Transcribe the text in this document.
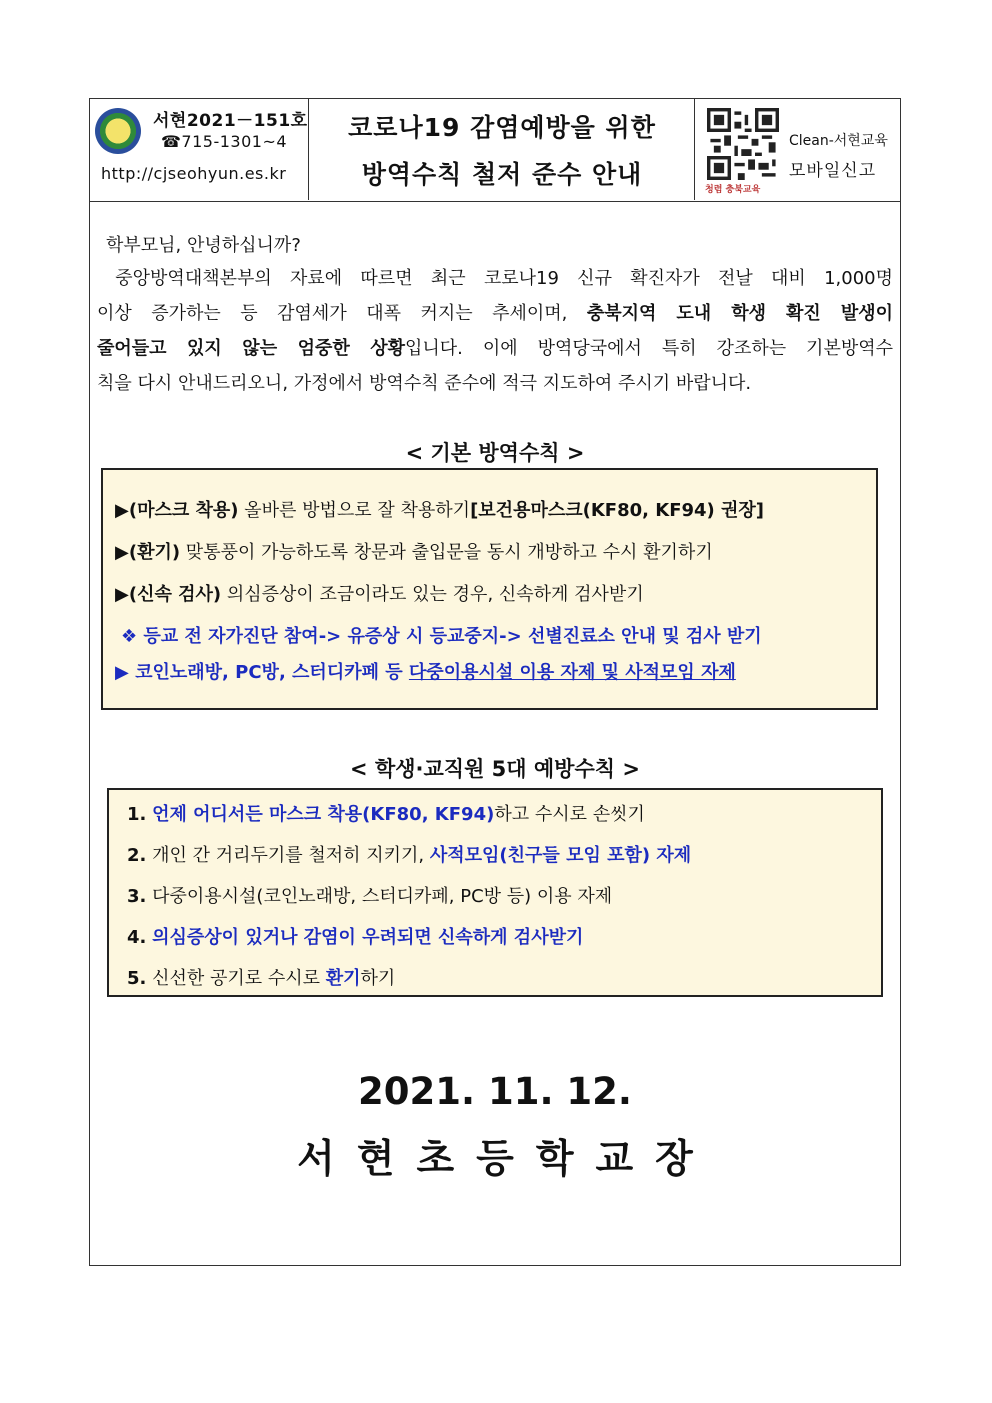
서현2021－151호
☎715-1301~4
http://cjseohyun.es.kr
코로나19 감염예방을 위한
방역수칙 철저 준수 안내
청렴 충북교육
Clean-서현교육
모바일신고
학부모님, 안녕하십니까?
중앙방역대책본부의 자료에 따르면 최근 코로나19 신규 확진자가 전날 대비 1,000명
이상 증가하는 등 감염세가 대폭 커지는 추세이며, 충북지역 도내 학생 확진 발생이
줄어들고 있지 않는 엄중한 상황입니다. 이에 방역당국에서 특히 강조하는 기본방역수
칙을 다시 안내드리오니, 가정에서 방역수칙 준수에 적극 지도하여 주시기 바랍니다.
< 기본 방역수칙 >
▶(마스크 착용) 올바른 방법으로 잘 착용하기[보건용마스크(KF80, KF94) 권장]
▶(환기) 맞통풍이 가능하도록 창문과 출입문을 동시 개방하고 수시 환기하기
▶(신속 검사) 의심증상이 조금이라도 있는 경우, 신속하게 검사받기
❖ 등교 전 자가진단 참여-> 유증상 시 등교중지-> 선별진료소 안내 및 검사 받기
▶ 코인노래방, PC방, 스터디카페 등 다중이용시설 이용 자제 및 사적모임 자제
< 학생·교직원 5대 예방수칙 >
1. 언제 어디서든 마스크 착용(KF80, KF94)하고 수시로 손씻기
2. 개인 간 거리두기를 철저히 지키기, 사적모임(친구들 모임 포함) 자제
3. 다중이용시설(코인노래방, 스터디카페, PC방 등) 이용 자제
4. 의심증상이 있거나 감염이 우려되면 신속하게 검사받기
5. 신선한 공기로 수시로 환기하기
2021. 11. 12.
서현초등학교장
